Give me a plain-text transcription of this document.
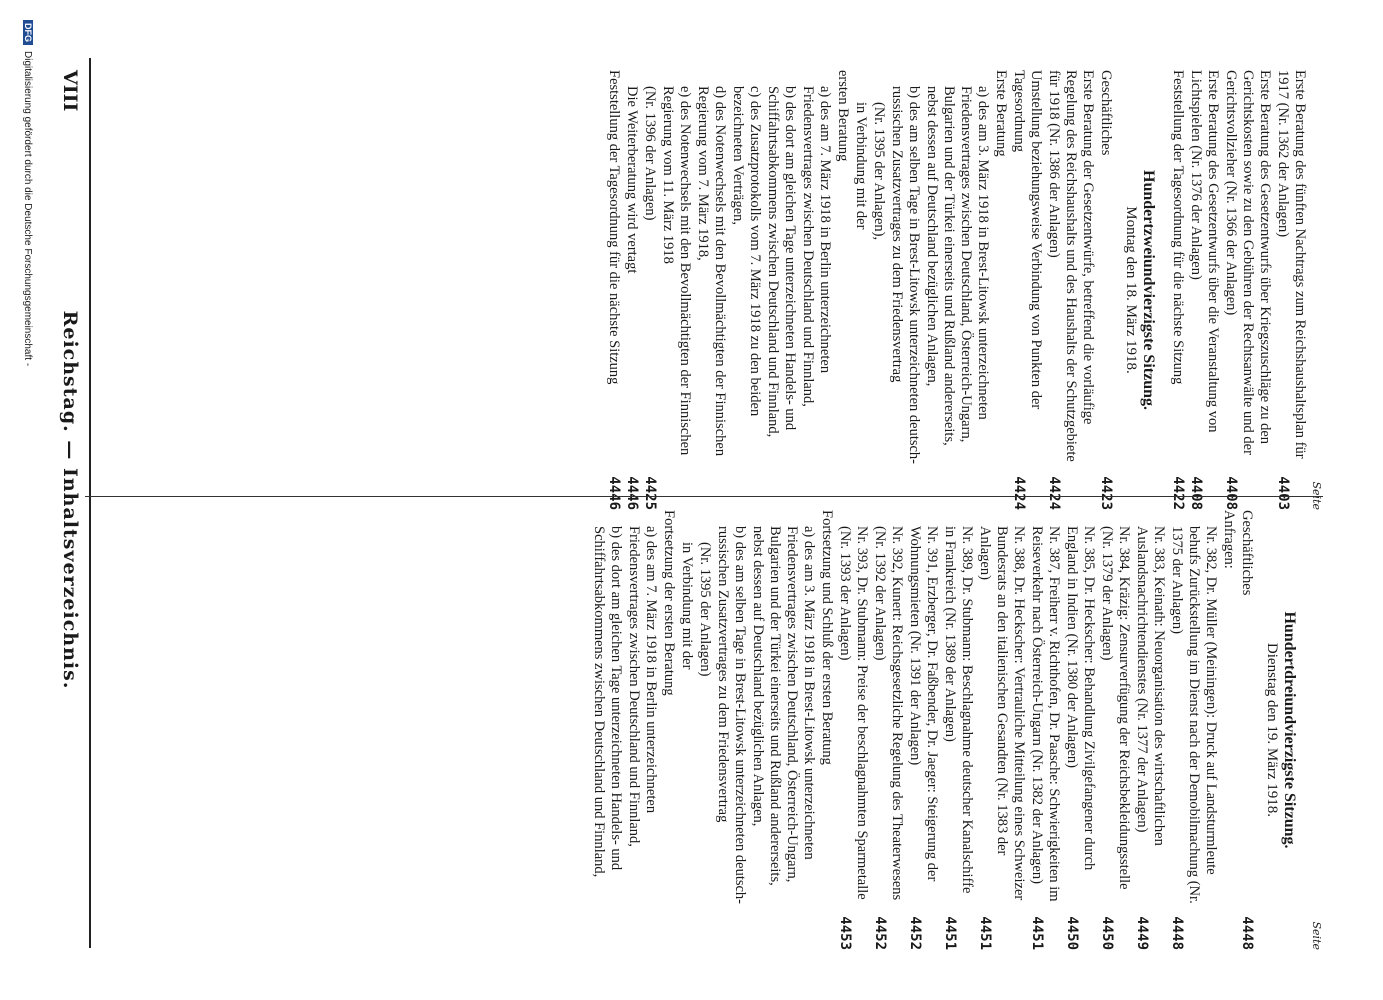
VIII
Reichstag. — Inhaltsverzeichnis.	Seite
Erste Beratung des fünften Nachtrags zum Reichshaushaltsplan für 1917 (Nr. 1362 der Anlagen)
4403
Erste Beratung des Gesetzentwurfs über Kriegszuschläge zu den Gerichtskosten sowie zu den Gebühren der Rechtsanwälte und der Gerichtsvollzieher (Nr. 1366 der Anlagen)
4408
Erste Beratung des Gesetzentwurfs über die Veranstaltung von Lichtspielen (Nr. 1376 der Anlagen)
4408
Feststellung der Tagesordnung für die nächste Sitzung
4422
Hundertzweiundvierzigste Sitzung.
Montag den 18. März 1918.
Geschäftliches
4423
Erste Beratung der Gesetzentwürfe, betreffend die vorläufige Regelung des Reichshaushalts und des Haushalts der Schutzgebiete für 1918 (Nr. 1386 der Anlagen)
4424
Umstellung beziehungsweise Verbindung von Punkten der Tagesordnung
4424
Erste Beratung
a) des am 3. März 1918 in Brest-Litowsk unterzeichneten Friedensvertrages zwischen Deutschland, Österreich-Ungarn, Bulgarien und der Türkei einerseits und Rußland andererseits, nebst dessen auf Deutschland bezüglichen Anlagen,
b) des am selben Tage in Brest-Litowsk unterzeichneten deutsch-russischen Zusatzvertrages zu dem Friedensvertrag
(Nr. 1395 der Anlagen),
in Verbindung mit der
ersten Beratung
a) des am 7. März 1918 in Berlin unterzeichneten Friedensvertrages zwischen Deutschland und Finnland,
b) des dort am gleichen Tage unterzeichneten Handels- und Schiffahrtsabkommens zwischen Deutschland und Finnland,
c) des Zusatzprotokolls vom 7. März 1918 zu den beiden bezeichneten Verträgen,
d) des Notenwechsels mit den Bevollmächtigten der Finnischen Regierung vom 7. März 1918,
e) des Notenwechsels mit den Bevollmächtigten der Finnischen Regierung vom 11. März 1918
(Nr. 1396 der Anlagen)
4425
Die Weiterberatung wird vertagt
4446
Feststellung der Tagesordnung für die nächste Sitzung
4446
Seite
Hundertdreiundvierzigste Sitzung.
Dienstag den 19. März 1918.
Geschäftliches
4448
Anfragen:
Nr. 382, Dr. Müller (Meiningen): Druck auf Landsturmleute behufs Zurückstellung im Dienst nach der Demobilmachung (Nr. 1375 der Anlagen)
4448
Nr. 383, Keinath: Neuorganisation des wirtschaftlichen Auslandsnachrichtendienstes (Nr. 1377 der Anlagen)
4449
Nr. 384, Kräzig: Zensurverfügung der Reichsbekleidungsstelle (Nr. 1379 der Anlagen)
4450
Nr. 385, Dr. Heckscher: Behandlung Zivilgefangener durch England in Indien (Nr. 1380 der Anlagen)
4450
Nr. 387, Freiherr v. Richthofen, Dr. Paasche: Schwierigkeiten im Reiseverkehr nach Österreich-Ungarn (Nr. 1382 der Anlagen)
4451
Nr. 388, Dr. Heckscher: Vertrauliche Mitteilung eines Schweizer Bundesrats an den italienischen Gesandten (Nr. 1383 der Anlagen)
4451
Nr. 389, Dr. Stubmann: Beschlagnahme deutscher Kanalschiffe in Frankreich (Nr. 1389 der Anlagen)
4451
Nr. 391, Erzberger, Dr. Faßbender, Dr. Jaeger: Steigerung der Wohnungsmieten (Nr. 1391 der Anlagen)
4452
Nr. 392, Kunert: Reichsgesetzliche Regelung des Theaterwesens (Nr. 1392 der Anlagen)
4452
Nr. 393, Dr. Stubmann: Preise der beschlagnahmten Sparmetalle (Nr. 1393 der Anlagen)
4453
Fortsetzung und Schluß der ersten Beratung
a) des am 3. März 1918 in Brest-Litowsk unterzeichneten Friedensvertrages zwischen Deutschland, Österreich-Ungarn, Bulgarien und der Türkei einerseits und Rußland andererseits, nebst dessen auf Deutschland bezüglichen Anlagen,
b) des am selben Tage in Brest-Litowsk unterzeichneten deutsch-russischen Zusatzvertrages zu dem Friedensvertrag
(Nr. 1395 der Anlagen)
in Verbindung mit der
Fortsetzung der ersten Beratung
a) des am 7. März 1918 in Berlin unterzeichneten Friedensvertrages zwischen Deutschland und Finnland,
b) des dort am gleichen Tage unterzeichneten Handels- und Schiffahrtsabkommens zwischen Deutschland und Finnland,
DFGDigitalisierung gefördert durch die Deutsche Forschungsgemeinschaft -
